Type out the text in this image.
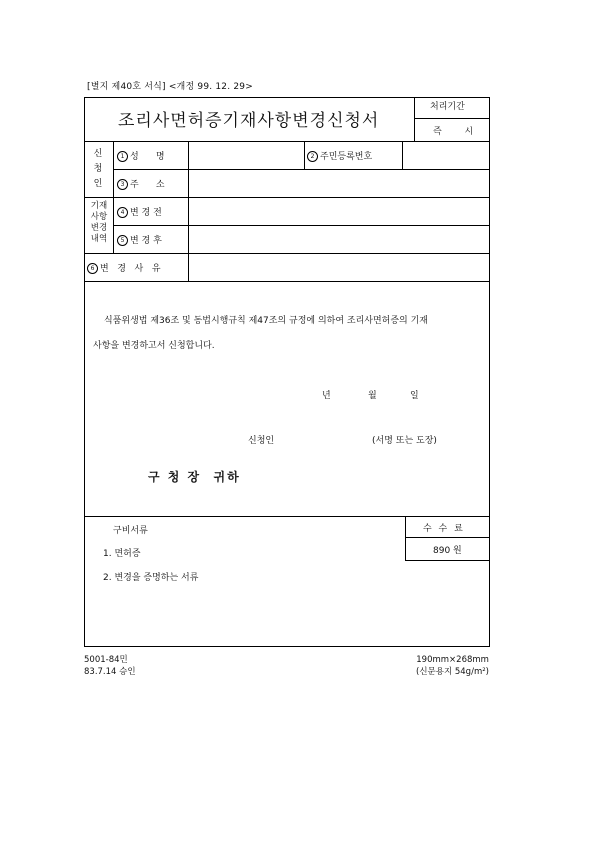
[별지 제40호 서식] <개정 99. 12. 29>
조리사면허증기재사항변경신청서
처리기간
즉 시
신
청
인
기재
사항
변경
내역
1 성      명	2 주민등록번호
3 주      소
4 변 경 전
5 변 경 후
6 변   경   사   유
식품위생법 제36조 및 동법시행규칙 제47조의 규정에 의하여 조리사면허증의 기재
사항을 변경하고서 신청합니다.
년	월	일
신청인	(서명 또는 도장)
구 청 장  귀하
구비서류
1. 면허증
2. 변경을 증명하는 서류
수 수 료
890 원
5001-84민
83.7.14 승인
190mm×268mm
(신문용지 54g/m²)
